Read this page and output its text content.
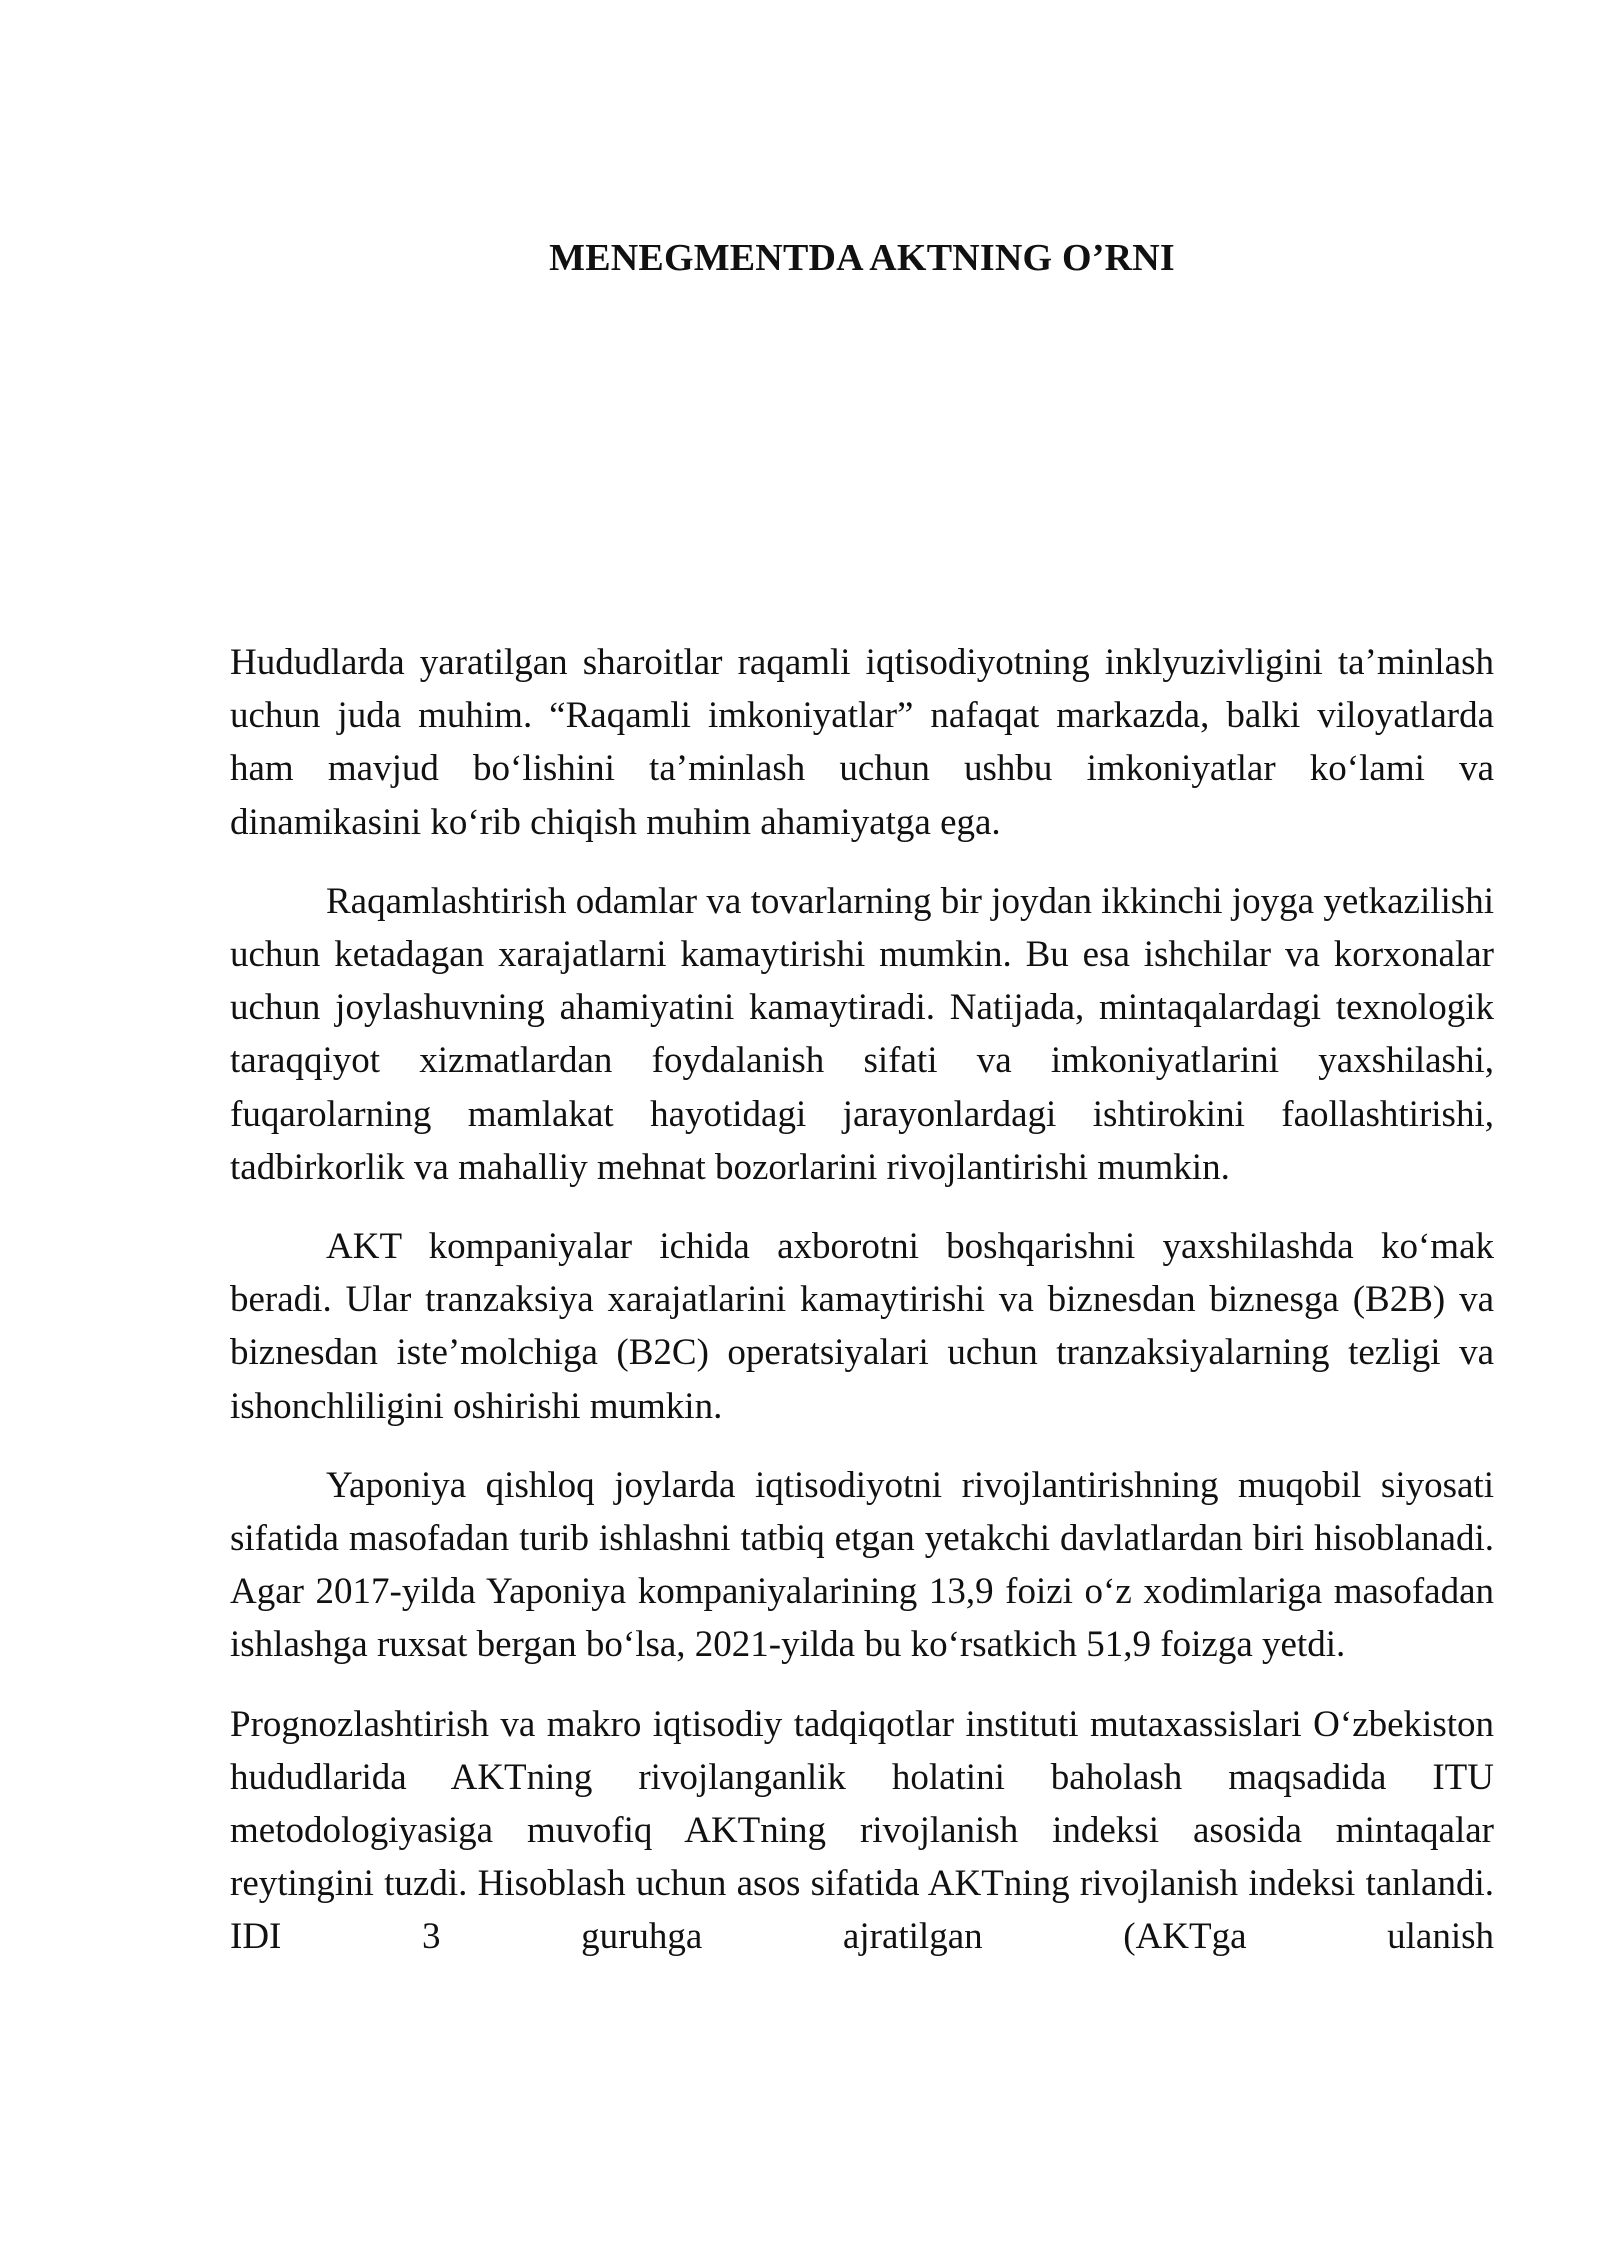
MENEGMENTDA AKTNING O’RNI

Hududlarda yaratilgan sharoitlar raqamli iqtisodiyotning inklyuzivligini ta’minlash uchun juda muhim. “Raqamli imkoniyatlar” nafaqat markazda, balki viloyatlarda ham mavjud bo‘lishini ta’minlash uchun ushbu imkoniyatlar ko‘lami va dinamikasini ko‘rib chiqish muhim ahamiyatga ega.

Raqamlashtirish odamlar va tovarlarning bir joydan ikkinchi joyga yetkazilishi uchun ketadagan xarajatlarni kamaytirishi mumkin. Bu esa ishchilar va korxonalar uchun joylashuvning ahamiyatini kamaytiradi. Natijada, mintaqalardagi texnologik taraqqiyot xizmatlardan foydalanish sifati va imkoniyatlarini yaxshilashi, fuqarolarning mamlakat hayotidagi jarayonlardagi ishtirokini faollashtirishi, tadbirkorlik va mahalliy mehnat bozorlarini rivojlantirishi mumkin.

AKT kompaniyalar ichida axborotni boshqarishni yaxshilashda ko‘mak beradi. Ular tranzaksiya xarajatlarini kamaytirishi va biznesdan biznesga (B2B) va biznesdan iste’molchiga (B2C) operatsiyalari uchun tranzaksiyalarning tezligi va ishonchliligini oshirishi mumkin.

Yaponiya qishloq joylarda iqtisodiyotni rivojlantirishning muqobil siyosati sifatida masofadan turib ishlashni tatbiq etgan yetakchi davlatlardan biri hisoblanadi. Agar 2017-yilda Yaponiya kompaniyalarining 13,9 foizi o‘z xodimlariga masofadan ishlashga ruxsat bergan bo‘lsa, 2021-yilda bu ko‘rsatkich 51,9 foizga yetdi.

Prognozlashtirish va makro iqtisodiy tadqiqotlar instituti mutaxassislari O‘zbekiston hududlarida AKTning rivojlanganlik holatini baholash maqsadida ITU metodologiyasiga muvofiq AKTning rivojlanish indeksi asosida mintaqalar reytingini tuzdi. Hisoblash uchun asos sifatida AKTning rivojlanish indeksi tanlandi. IDI 3 guruhga ajratilgan (AKTga ulanish
